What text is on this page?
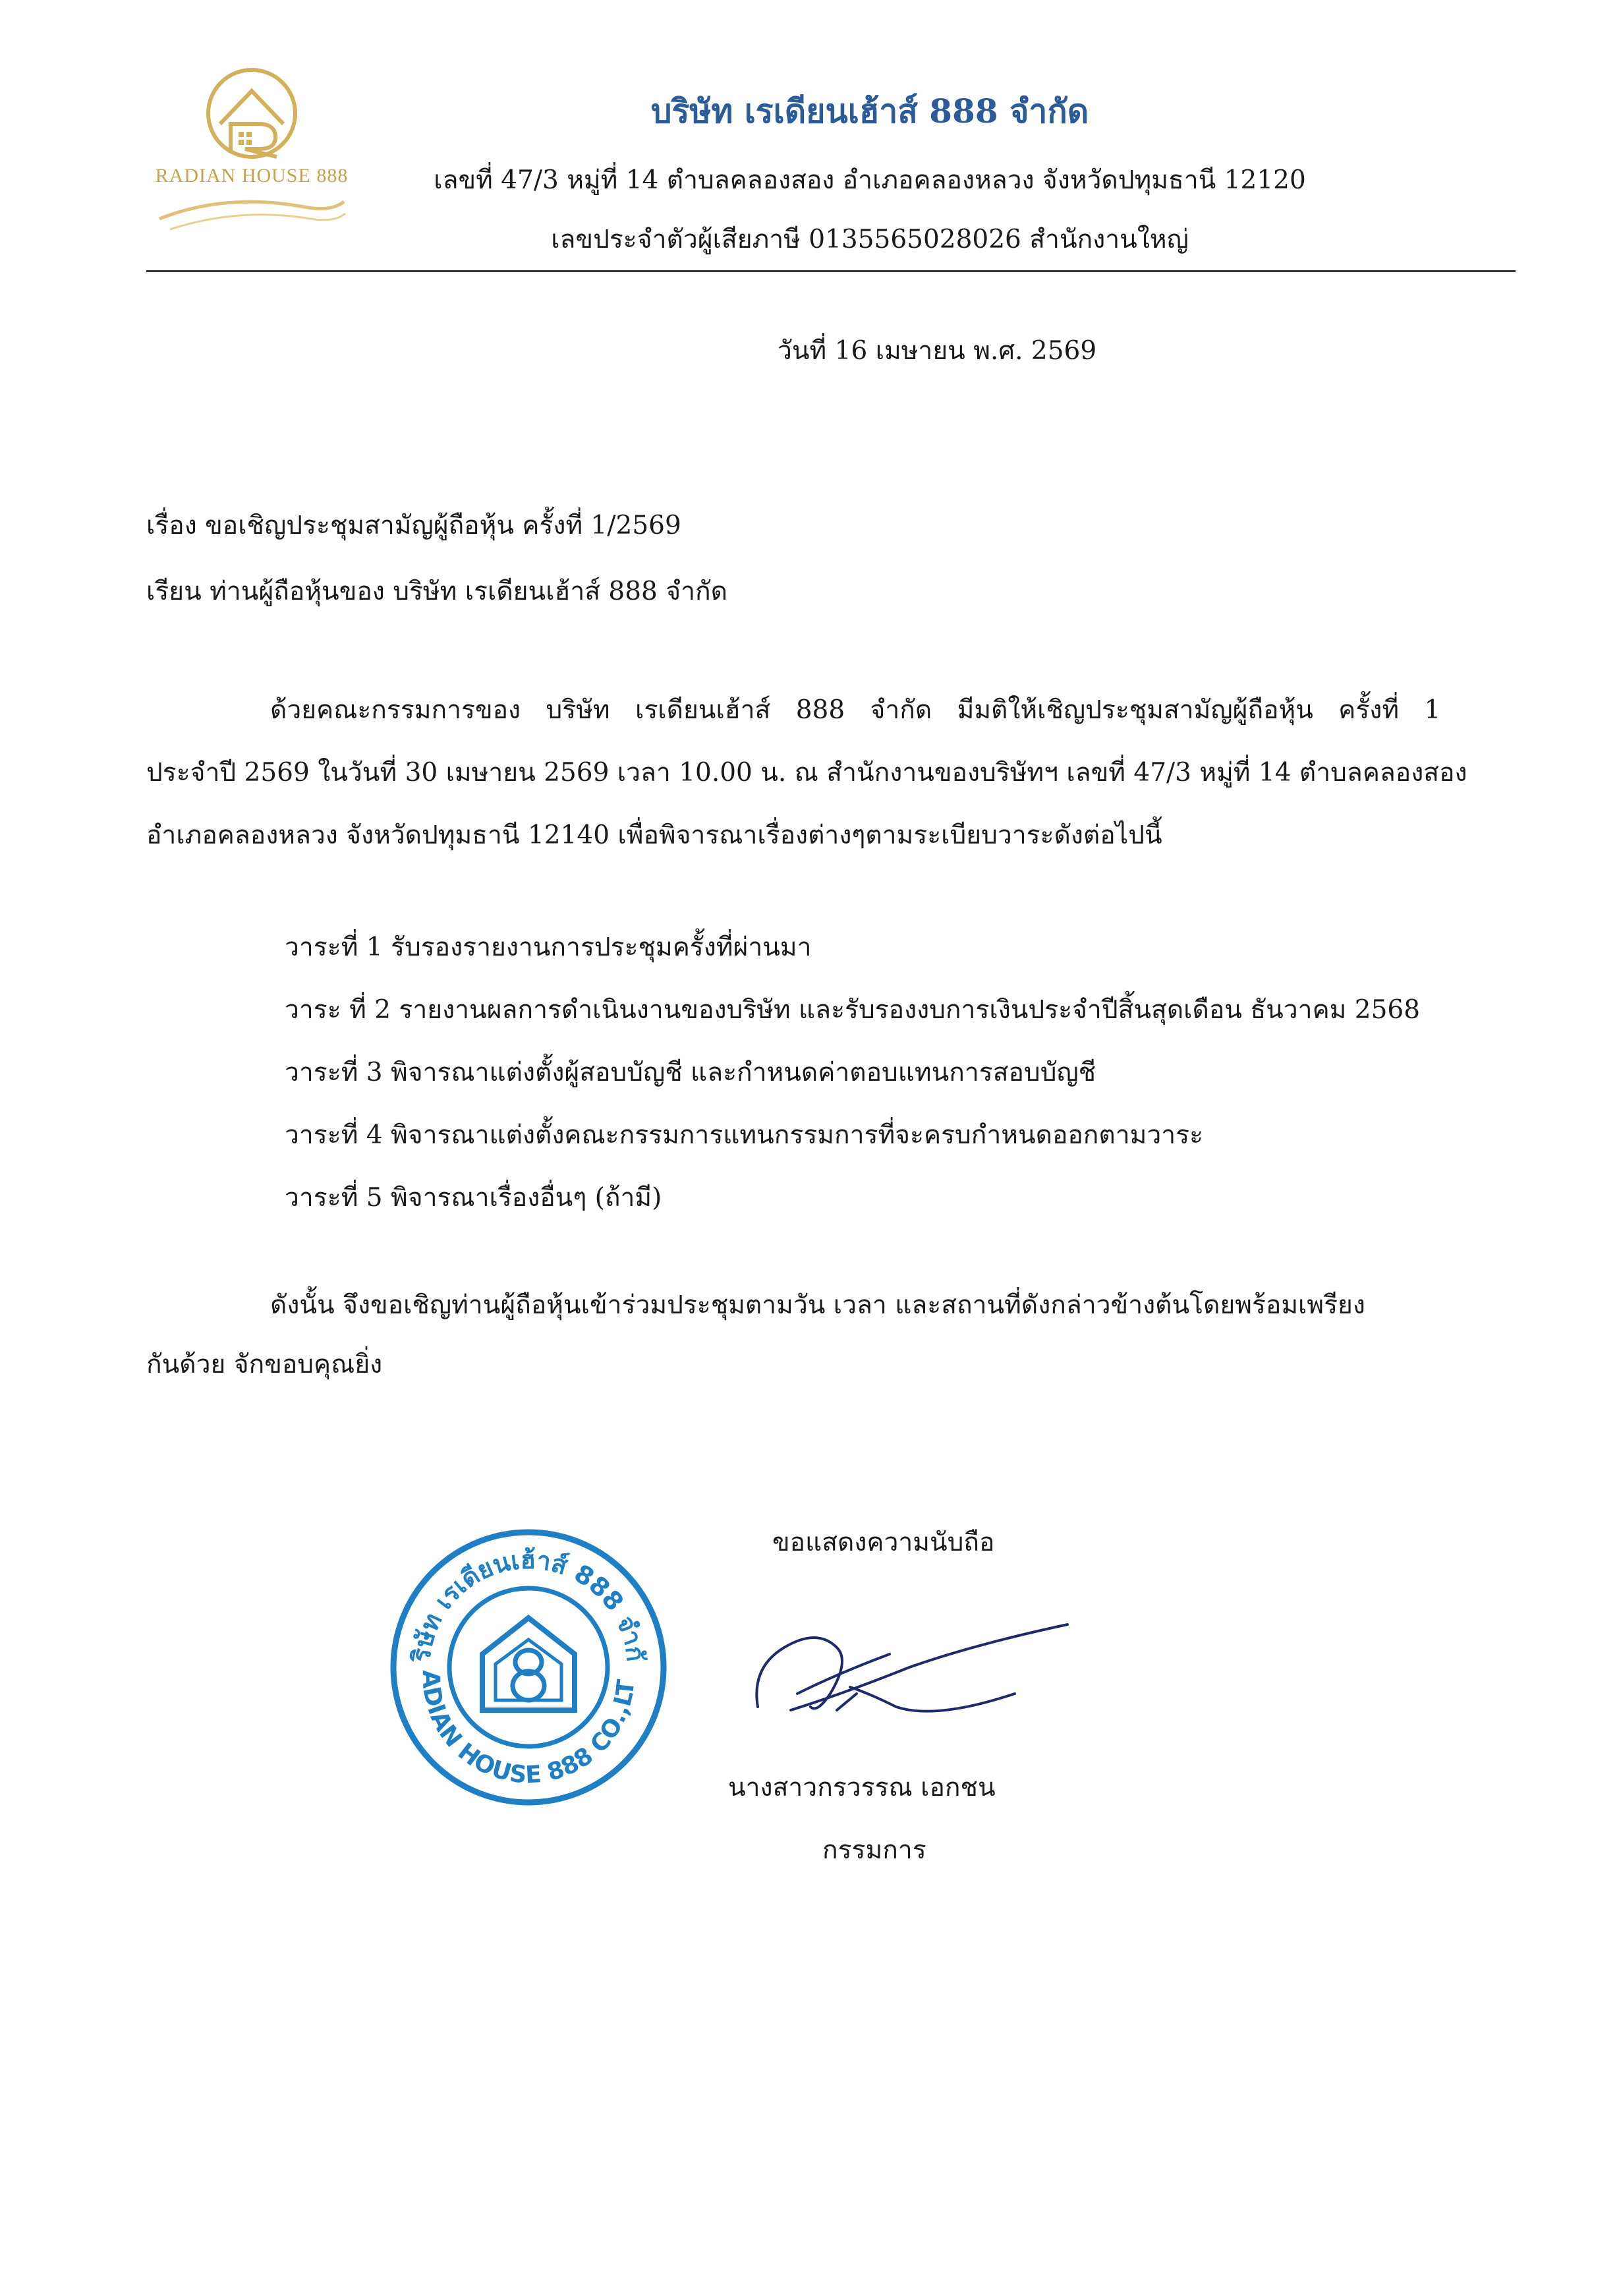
RADIAN HOUSE 888
บริษัท เรเดียนเฮ้าส์ 888 จำกัด
เลขที่ 47/3 หมู่ที่ 14 ตำบลคลองสอง อำเภอคลองหลวง จังหวัดปทุมธานี 12120
เลขประจำตัวผู้เสียภาษี 0135565028026 สำนักงานใหญ่
วันที่ 16 เมษายน พ.ศ. 2569
เรื่อง ขอเชิญประชุมสามัญผู้ถือหุ้น ครั้งที่ 1/2569
เรียน ท่านผู้ถือหุ้นของ บริษัท เรเดียนเฮ้าส์ 888 จำกัด
ด้วยคณะกรรมการของ บริษัท เรเดียนเฮ้าส์ 888 จำกัด มีมติให้เชิญประชุมสามัญผู้ถือหุ้น ครั้งที่ 1
ประจำปี 2569 ในวันที่ 30 เมษายน 2569 เวลา 10.00 น. ณ สำนักงานของบริษัทฯ เลขที่ 47/3 หมู่ที่ 14 ตำบลคลองสอง
อำเภอคลองหลวง จังหวัดปทุมธานี 12140 เพื่อพิจารณาเรื่องต่างๆตามระเบียบวาระดังต่อไปนี้
วาระที่ 1 รับรองรายงานการประชุมครั้งที่ผ่านมา
วาระ ที่ 2 รายงานผลการดำเนินงานของบริษัท และรับรองงบการเงินประจำปีสิ้นสุดเดือน ธันวาคม 2568
วาระที่ 3 พิจารณาแต่งตั้งผู้สอบบัญชี และกำหนดค่าตอบแทนการสอบบัญชี
วาระที่ 4 พิจารณาแต่งตั้งคณะกรรมการแทนกรรมการที่จะครบกำหนดออกตามวาระ
วาระที่ 5 พิจารณาเรื่องอื่นๆ (ถ้ามี)
ดังนั้น จึงขอเชิญท่านผู้ถือหุ้นเข้าร่วมประชุมตามวัน เวลา และสถานที่ดังกล่าวข้างต้นโดยพร้อมเพรียง
กันด้วย จักขอบคุณยิ่ง
ขอแสดงความนับถือ
ริษัท เรเดียนเฮ้าส์ 888 จำกั
ADIAN HOUSE 888 CO.,LT
นางสาวกรวรรณ เอกชน
กรรมการ
